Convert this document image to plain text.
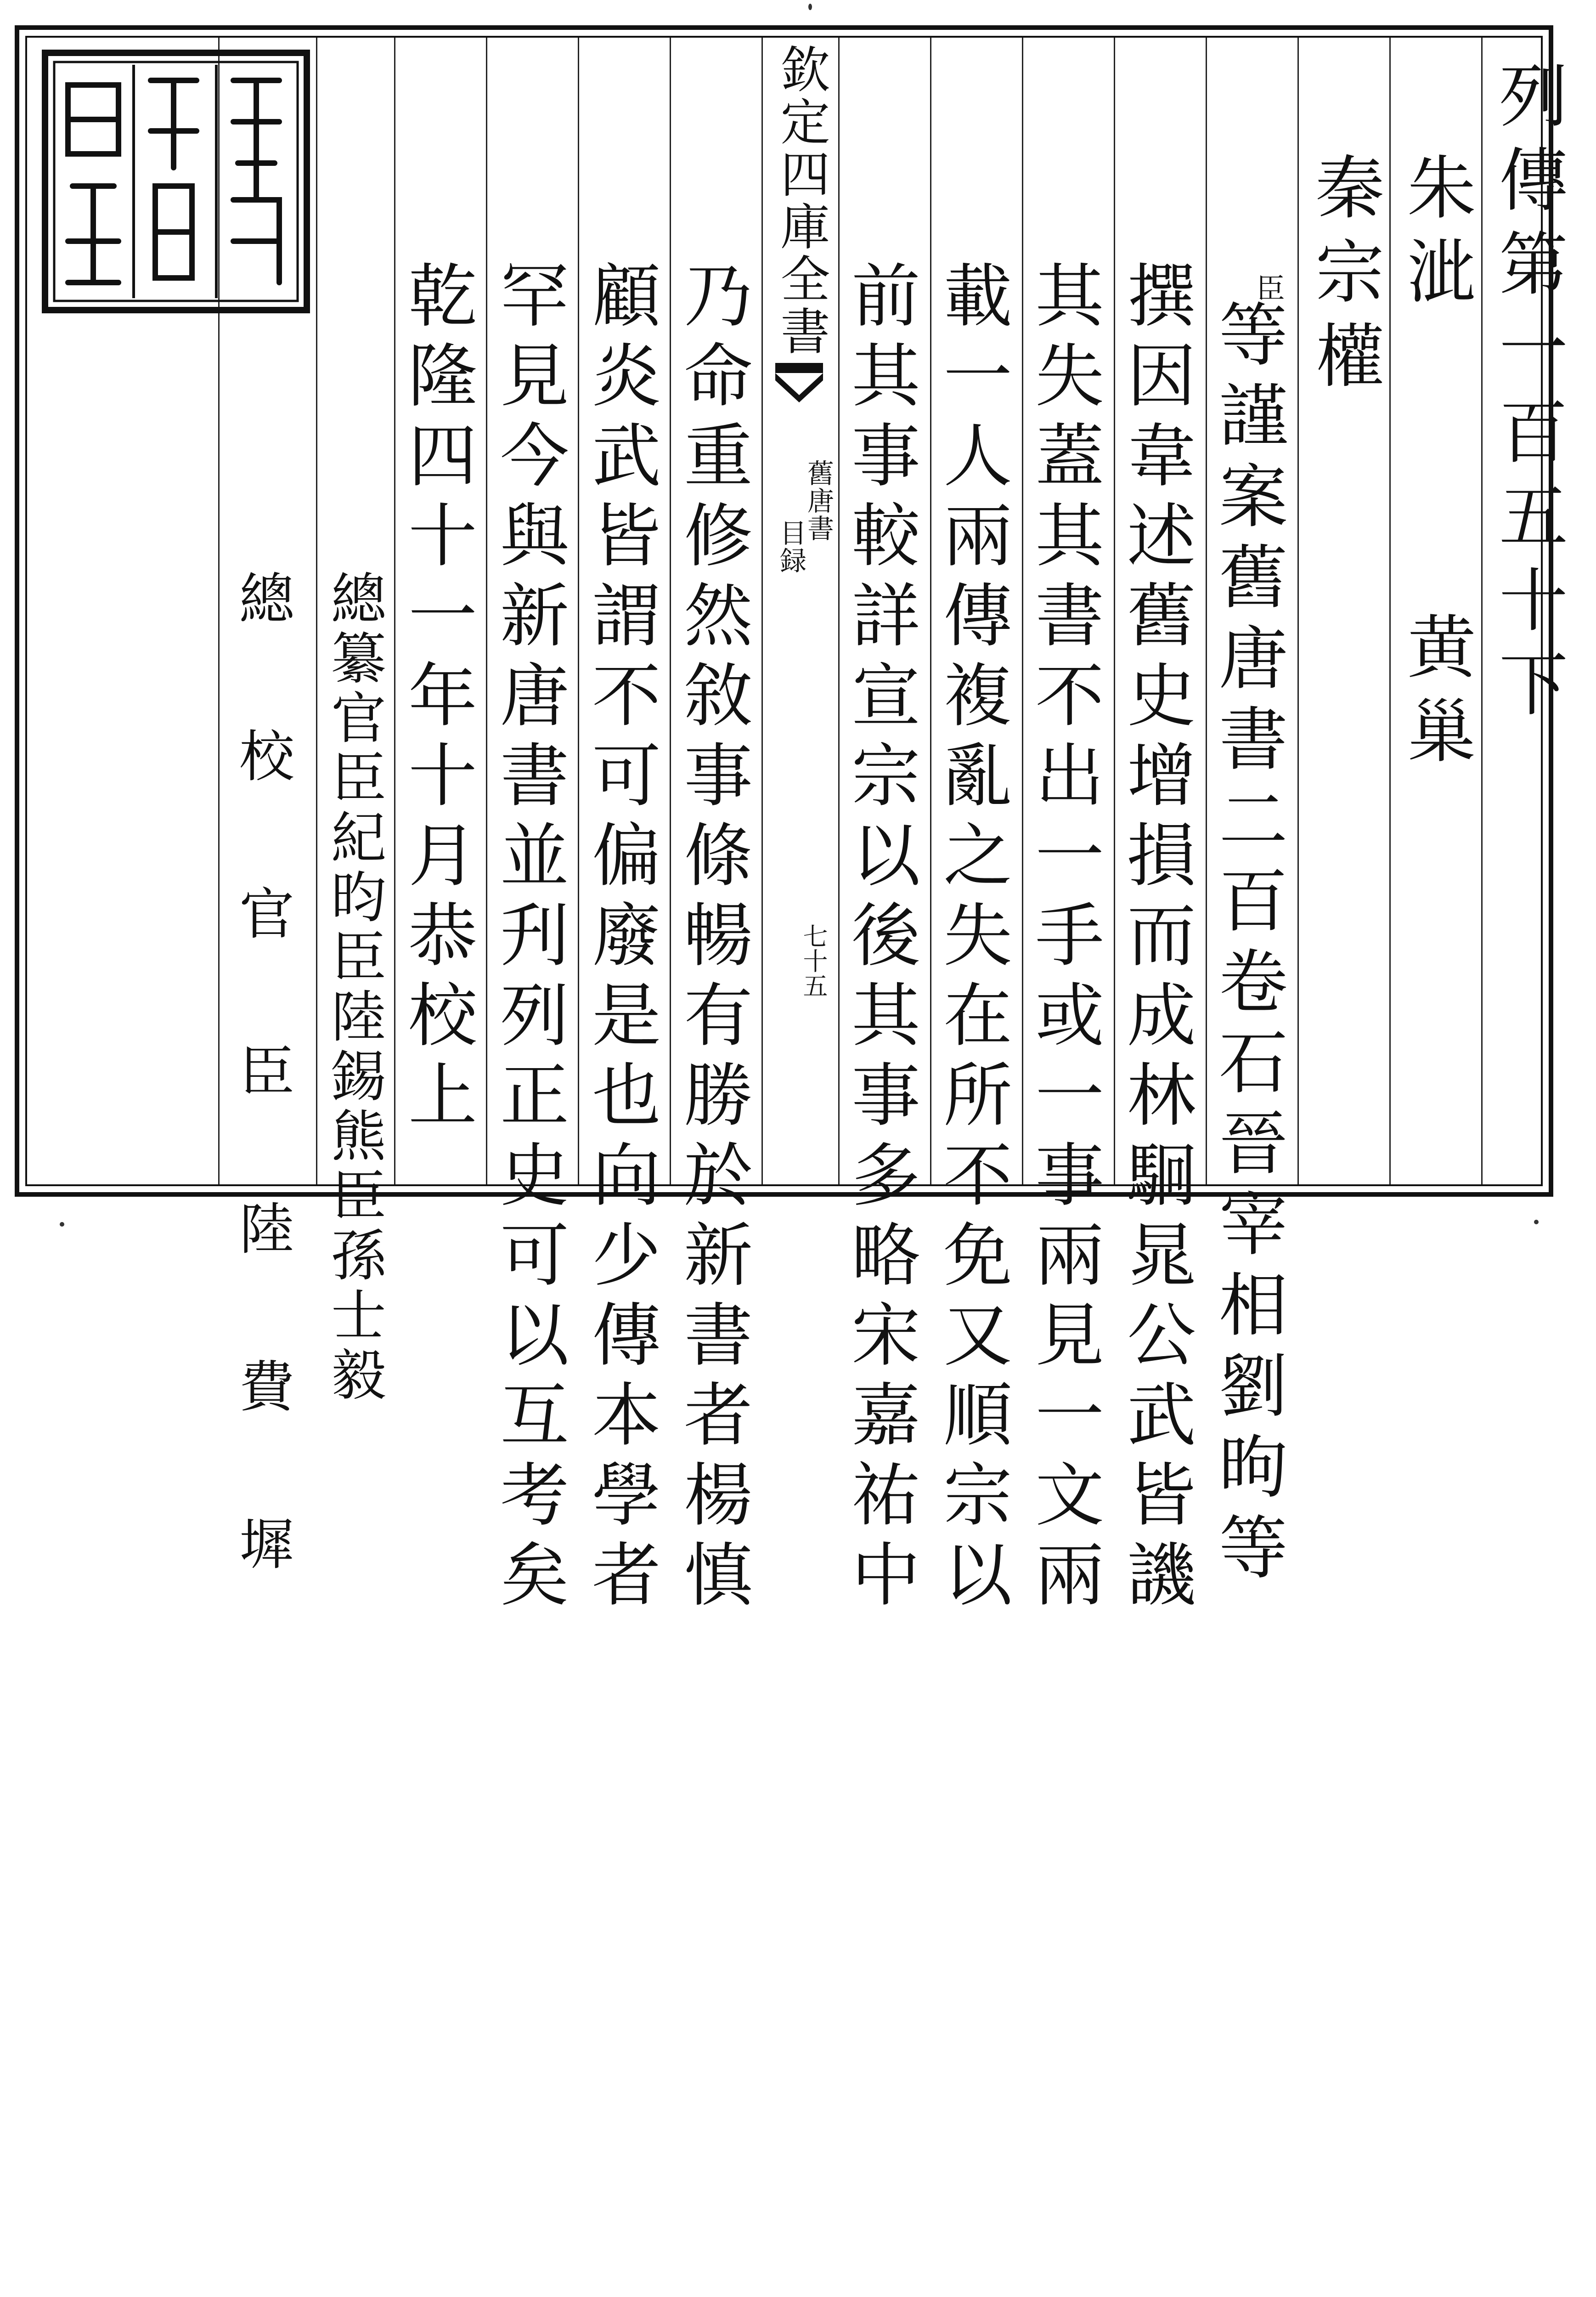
列傳第一百五十下
朱泚
黄巢
秦宗權
臣
等謹案舊唐書二百卷石晉宰相劉昫等
撰因韋述舊史增損而成林駉晁公武皆譏
其失蓋其書不出一手或一事兩見一文兩
載一人兩傳複亂之失在所不免又順宗以
前其事較詳宣宗以後其事多略宋嘉祐中
欽定四庫全書
舊唐書
目録
七十五
乃命重修然敘事條暢有勝於新書者楊慎
顧炎武皆謂不可偏廢是也向少傳本學者
罕見今與新唐書並刋列正史可以互考矣
乾隆四十一年十月恭校上
總纂官臣紀昀臣陸錫熊臣孫士毅
總 校 官 臣 陸 費 墀
